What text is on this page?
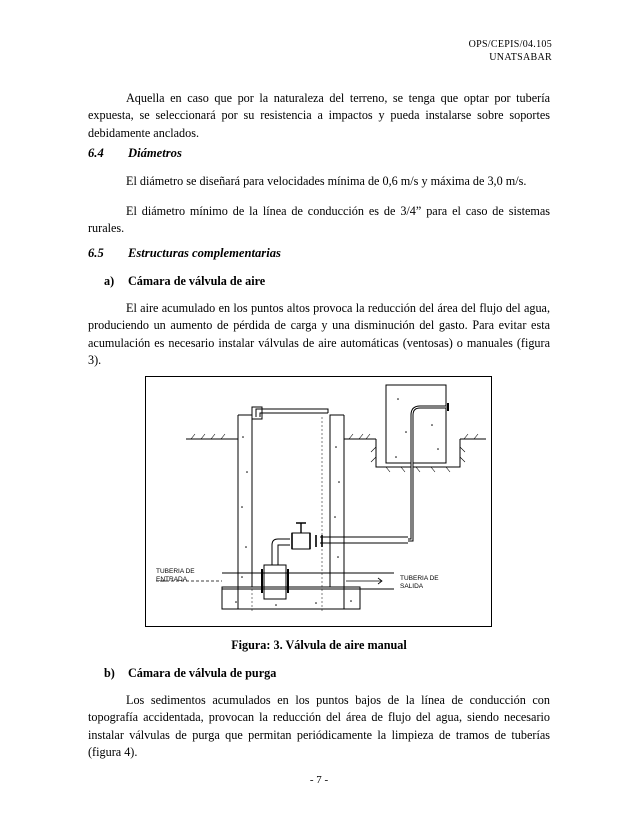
OPS/CEPIS/04.105
UNATSABAR

Aquella en caso que por la naturaleza del terreno, se tenga que optar por tubería expuesta, se seleccionará por su resistencia a impactos y pueda instalarse sobre soportes debidamente anclados.

6.4 Diámetros

El diámetro se diseñará para velocidades mínima de 0,6 m/s y máxima de 3,0 m/s.

El diámetro mínimo de la línea de conducción es de 3/4” para el caso de sistemas rurales.

6.5 Estructuras complementarias
a) Cámara de válvula de aire

El aire acumulado en los puntos altos provoca la reducción del área del flujo del agua, produciendo un aumento de pérdida de carga y una disminución del gasto. Para evitar esta acumulación es necesario instalar válvulas de aire automáticas (ventosas) o manuales (figura 3).

TUBERIA DE
ENTRADA	TUBERIA DE
SALIDA
Figura: 3. Válvula de aire manual
b) Cámara de válvula de purga

Los sedimentos acumulados en los puntos bajos de la línea de conducción con topografía accidentada, provocan la reducción del área de flujo del agua, siendo necesario instalar válvulas de purga que permitan periódicamente la limpieza de tramos de tuberías (figura 4).

- 7 -
